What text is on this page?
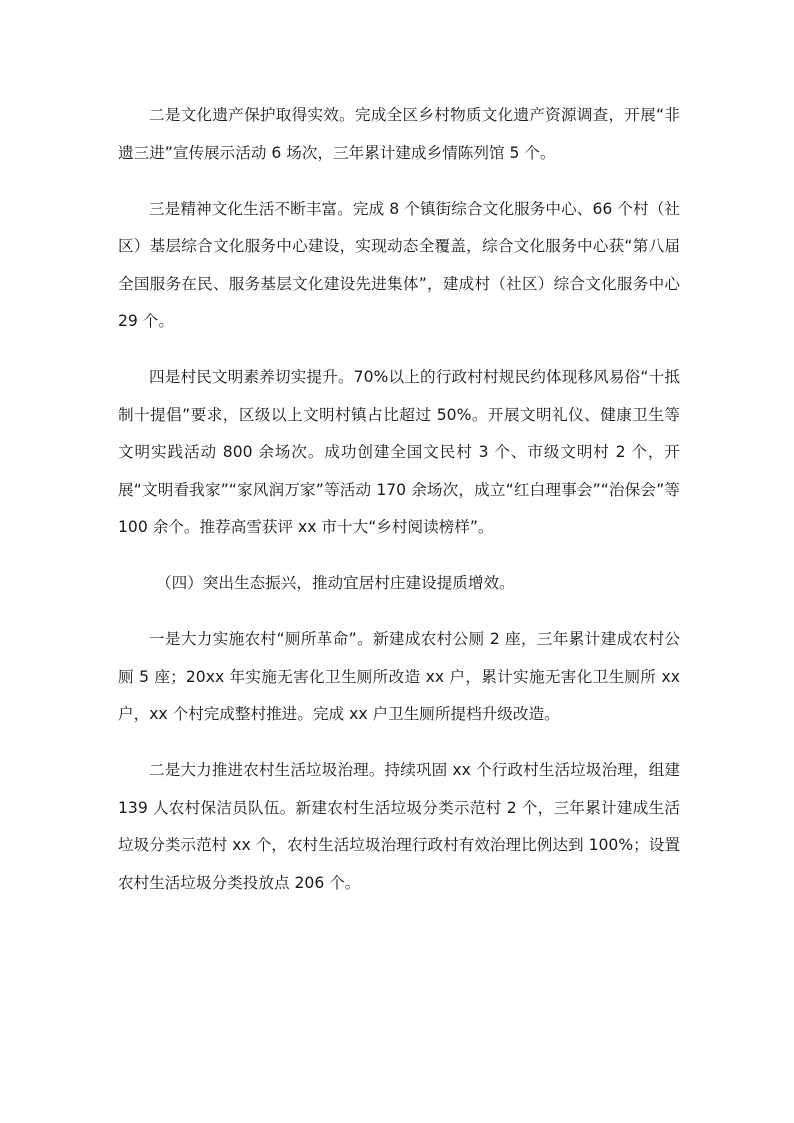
二是文化遗产保护取得实效。完成全区乡村物质文化遗产资源调查，开展“非遗三进”宣传展示活动 6 场次，三年累计建成乡情陈列馆 5 个。

三是精神文化生活不断丰富。完成 8 个镇街综合文化服务中心、66 个村（社区）基层综合文化服务中心建设，实现动态全覆盖，综合文化服务中心获“第八届全国服务在民、服务基层文化建设先进集体”，建成村（社区）综合文化服务中心 29 个。

四是村民文明素养切实提升。70%以上的行政村村规民约体现移风易俗“十抵制十提倡”要求，区级以上文明村镇占比超过 50%。开展文明礼仪、健康卫生等文明实践活动 800 余场次。成功创建全国文民村 3 个、市级文明村 2 个，开展“文明看我家”“家风润万家”等活动 170 余场次，成立“红白理事会”“治保会”等 100 余个。推荐高雪获评 xx 市十大“乡村阅读榜样”。

（四）突出生态振兴，推动宜居村庄建设提质增效。

一是大力实施农村“厕所革命”。新建成农村公厕 2 座，三年累计建成农村公厕 5 座；20xx 年实施无害化卫生厕所改造 xx 户，累计实施无害化卫生厕所 xx 户，xx 个村完成整村推进。完成 xx 户卫生厕所提档升级改造。

二是大力推进农村生活垃圾治理。持续巩固 xx 个行政村生活垃圾治理，组建 139 人农村保洁员队伍。新建农村生活垃圾分类示范村 2 个，三年累计建成生活垃圾分类示范村 xx 个，农村生活垃圾治理行政村有效治理比例达到 100%；设置农村生活垃圾分类投放点 206 个。
